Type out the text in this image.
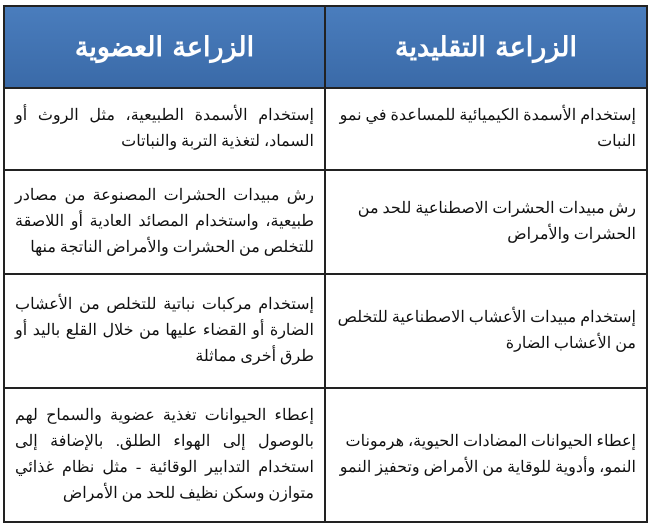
الزراعة التقليدية	الزراعة العضوية
إستخدام الأسمدة الكيميائية للمساعدة في نمو النبات	إستخدام الأسمدة الطبيعية، مثل الروث أو السماد، لتغذية التربة والنباتات
رش مبيدات الحشرات الاصطناعية للحد من الحشرات والأمراض	رش مبيدات الحشرات المصنوعة من مصادر طبيعية، واستخدام المصائد العادية أو اللاصقة للتخلص من الحشرات والأمراض الناتجة منها
إستخدام مبيدات الأعشاب الاصطناعية للتخلص من الأعشاب الضارة	إستخدام مركبات نباتية للتخلص من الأعشاب الضارة أو القضاء عليها من خلال القلع باليد أو طرق أخرى مماثلة
إعطاء الحيوانات المضادات الحيوية، هرمونات النمو، وأدوية للوقاية من الأمراض وتحفيز النمو	إعطاء الحيوانات تغذية عضوية والسماح لهم بالوصول إلى الهواء الطلق. بالإضافة إلى استخدام التدابير الوقائية - مثل نظام غذائي متوازن وسكن نظيف للحد من الأمراض
